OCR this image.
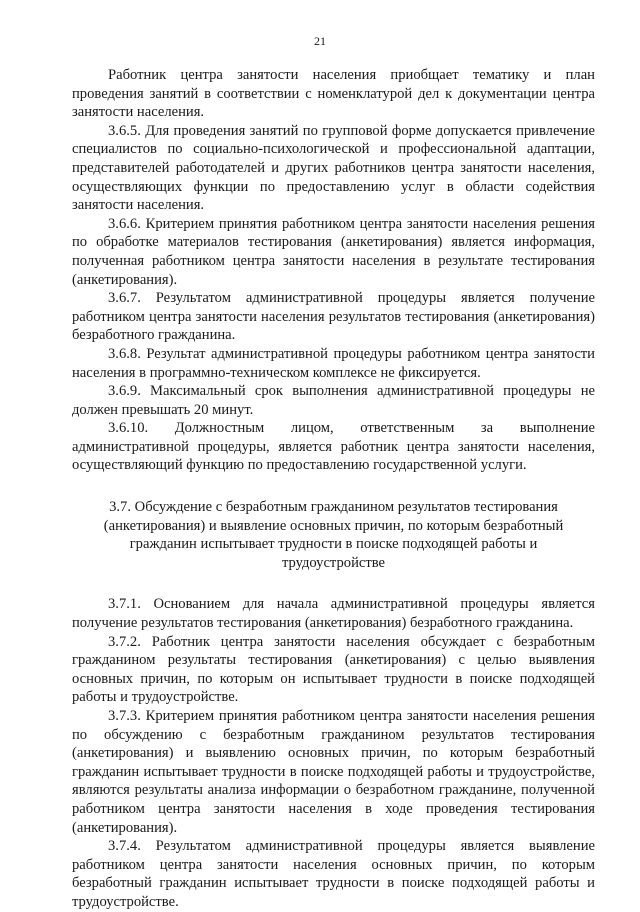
21

Работник центра занятости населения приобщает тематику и план проведения занятий в соответствии с номенклатурой дел к документации центра занятости населения.

3.6.5. Для проведения занятий по групповой форме допускается привлечение специалистов по социально-психологической и профессиональной адаптации, представителей работодателей и других работников центра занятости населения, осуществляющих функции по предоставлению услуг в области содействия занятости населения.

3.6.6. Критерием принятия работником центра занятости населения решения по обработке материалов тестирования (анкетирования) является информация, полученная работником центра занятости населения в результате тестирования (анкетирования).

3.6.7. Результатом административной процедуры является получение работником центра занятости населения результатов тестирования (анкетирования) безработного гражданина.

3.6.8. Результат административной процедуры работником центра занятости населения в программно-техническом комплексе не фиксируется.

3.6.9. Максимальный срок выполнения административной процедуры не должен превышать 20 минут.

3.6.10. Должностным лицом, ответственным за выполнение административной процедуры, является работник центра занятости населения, осуществляющий функцию по предоставлению государственной услуги.

3.7. Обсуждение с безработным гражданином результатов тестирования (анкетирования) и выявление основных причин, по которым безработный гражданин испытывает трудности в поиске подходящей работы и трудоустройстве

3.7.1. Основанием для начала административной процедуры является получение результатов тестирования (анкетирования) безработного гражданина.

3.7.2. Работник центра занятости населения обсуждает с безработным гражданином результаты тестирования (анкетирования) с целью выявления основных причин, по которым он испытывает трудности в поиске подходящей работы и трудоустройстве.

3.7.3. Критерием принятия работником центра занятости населения решения по обсуждению с безработным гражданином результатов тестирования (анкетирования) и выявлению основных причин, по которым безработный гражданин испытывает трудности в поиске подходящей работы и трудоустройстве, являются результаты анализа информации о безработном гражданине, полученной работником центра занятости населения в ходе проведения тестирования (анкетирования).

3.7.4. Результатом административной процедуры является выявление работником центра занятости населения основных причин, по которым безработный гражданин испытывает трудности в поиске подходящей работы и трудоустройстве.
